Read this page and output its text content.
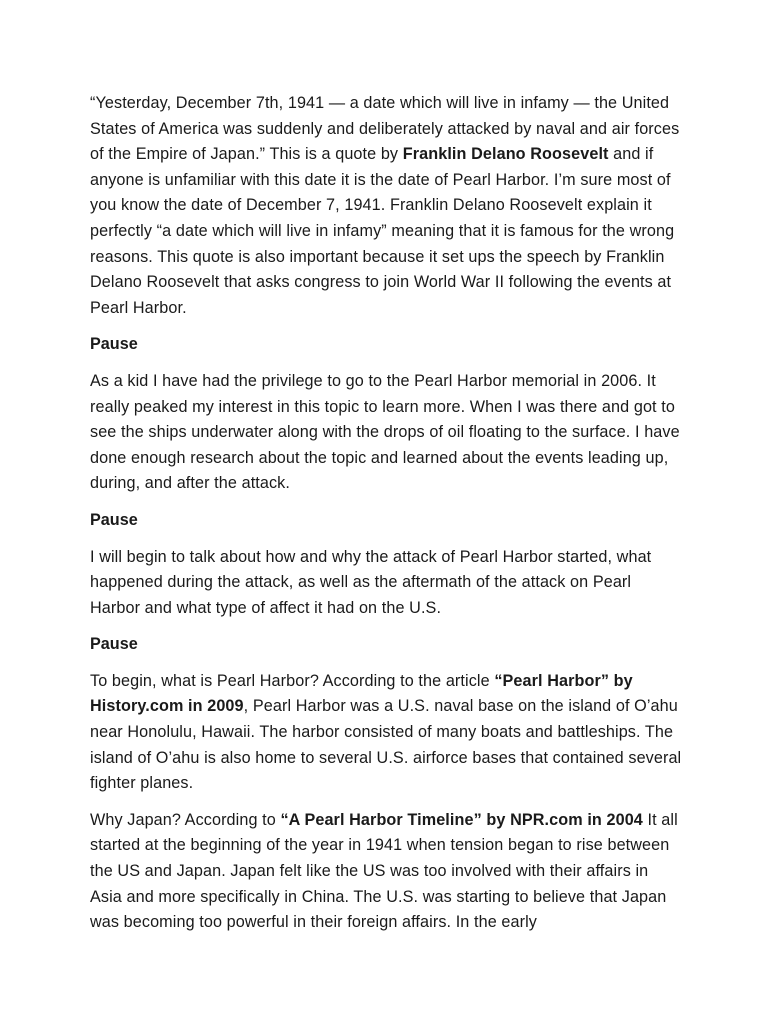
“Yesterday, December 7th, 1941 — a date which will live in infamy — the United States of America was suddenly and deliberately attacked by naval and air forces of the Empire of Japan.” This is a quote by Franklin Delano Roosevelt and if anyone is unfamiliar with this date it is the date of Pearl Harbor. I’m sure most of you know the date of December 7, 1941. Franklin Delano Roosevelt explain it perfectly “a date which will live in infamy” meaning that it is famous for the wrong reasons. This quote is also important because it set ups the speech by Franklin Delano Roosevelt that asks congress to join World War II following the events at Pearl Harbor.

Pause

As a kid I have had the privilege to go to the Pearl Harbor memorial in 2006. It really peaked my interest in this topic to learn more. When I was there and got to see the ships underwater along with the drops of oil floating to the surface. I have done enough research about the topic and learned about the events leading up, during, and after the attack.

Pause

I will begin to talk about how and why the attack of Pearl Harbor started, what happened during the attack, as well as the aftermath of the attack on Pearl Harbor and what type of affect it had on the U.S.

Pause

To begin, what is Pearl Harbor? According to the article “Pearl Harbor” by History.com in 2009, Pearl Harbor was a U.S. naval base on the island of O’ahu near Honolulu, Hawaii. The harbor consisted of many boats and battleships. The island of O’ahu is also home to several U.S. airforce bases that contained several fighter planes.

Why Japan? According to “A Pearl Harbor Timeline” by NPR.com in 2004 It all started at the beginning of the year in 1941 when tension began to rise between the US and Japan. Japan felt like the US was too involved with their affairs in Asia and more specifically in China. The U.S. was starting to believe that Japan was becoming too powerful in their foreign affairs. In the early
